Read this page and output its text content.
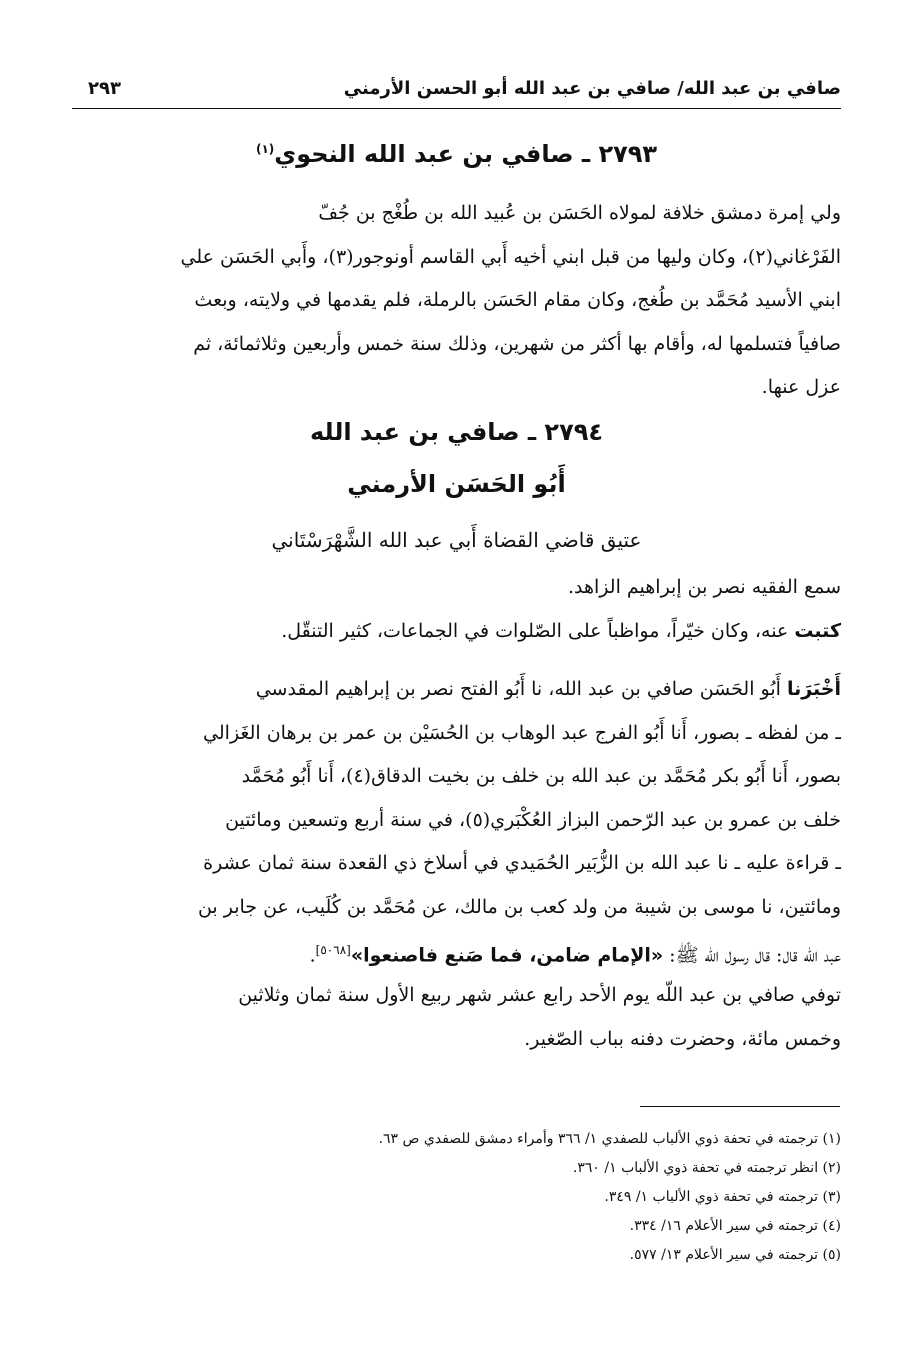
صافي بن عبد الله/ صافي بن عبد الله أبو الحسن الأرمني
٢٩٣
٢٧٩٣ ـ صافي بن عبد الله النحوي$^{(١)}$
ولي إمرة دمشق خلافة لمولاه الحَسَن بن عُبيد الله بن طُغْج بن جُفّ
الفَرْغاني(٢)، وكان وليها من قبل ابني أخيه أَبي القاسم أونوجور(٣)، وأَبي الحَسَن علي
ابني الأسيد مُحَمَّد بن طُغج، وكان مقام الحَسَن بالرملة، فلم يقدمها في ولايته، وبعث
صافياً فتسلمها له، وأقام بها أكثر من شهرين، وذلك سنة خمس وأربعين وثلاثمائة، ثم
عزل عنها.
٢٧٩٤ ـ صافي بن عبد الله
أَبُو الحَسَن الأرمني
عتيق قاضي القضاة أَبي عبد الله الشَّهْرَسْتَاني
سمع الفقيه نصر بن إبراهيم الزاهد.
كتبت عنه، وكان خيّراً، مواظباً على الصّلوات في الجماعات، كثير التنقّل.
أَخْبَرَنا أَبُو الحَسَن صافي بن عبد الله، نا أَبُو الفتح نصر بن إبراهيم المقدسي
ـ من لفظه ـ بصور، أَنا أَبُو الفرج عبد الوهاب بن الحُسَيْن بن عمر بن برهان الغَزالي
بصور، أَنا أَبُو بكر مُحَمَّد بن عبد الله بن خلف بن بخيت الدقاق(٤)، أَنا أَبُو مُحَمَّد
خلف بن عمرو بن عبد الرّحمن البزاز العُكْبَري(٥)، في سنة أربع وتسعين ومائتين
ـ قراءة عليه ـ نا عبد الله بن الزُّبَير الحُمَيدي في أسلاخ ذي القعدة سنة ثمان عشرة
ومائتين، نا موسى بن شيبة من ولد كعب بن مالك، عن مُحَمَّد بن كُلَيب، عن جابر بن
عبد اللّه قال: قال رسول الله ﷺ: «الإمام ضامن، فما صَنع فاصنعوا»[٥٠٦٨].
توفي صافي بن عبد اللّه يوم الأحد رابع عشر شهر ربيع الأول سنة ثمان وثلاثين
وخمس مائة، وحضرت دفنه بباب الصّغير.
(١) ترجمته في تحفة ذوي الألباب للصفدي ١/ ٣٦٦ وأمراء دمشق للصفدي ص ٦٣.
(٢) انظر ترجمته في تحفة ذوي الألباب ١/ ٣٦٠.
(٣) ترجمته في تحفة ذوي الألباب ١/ ٣٤٩.
(٤) ترجمته في سير الأعلام ١٦/ ٣٣٤.
(٥) ترجمته في سير الأعلام ١٣/ ٥٧٧.
